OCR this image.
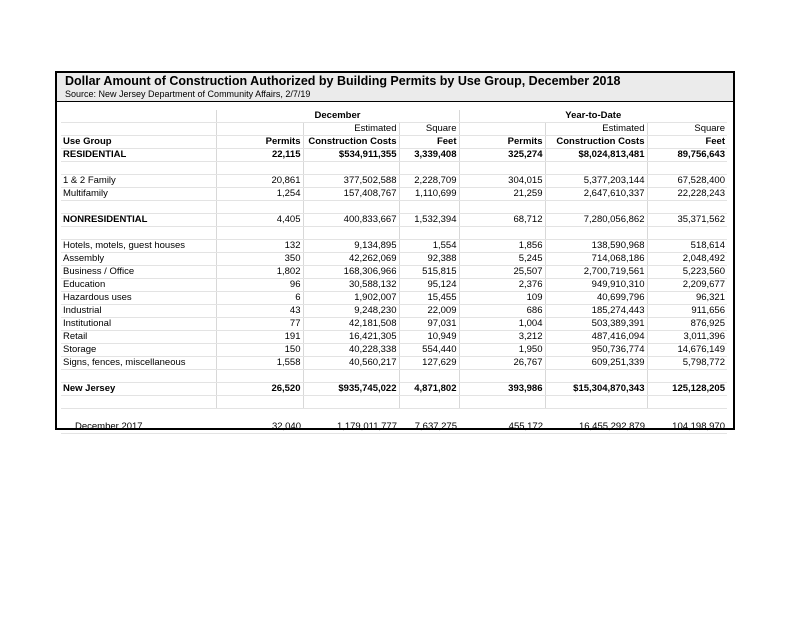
Dollar Amount of Construction Authorized by Building Permits by Use Group, December 2018
Source: New Jersey Department of Community Affairs, 2/7/19
	December			Year-to-Date		
		Estimated	Square		Estimated	Square
Use Group	Permits	Construction Costs	Feet	Permits	Construction Costs	Feet
RESIDENTIAL	22,115	$534,911,355	3,339,408	325,274	$8,024,813,481	89,756,643

1 & 2 Family	20,861	377,502,588	2,228,709	304,015	5,377,203,144	67,528,400
Multifamily	1,254	157,408,767	1,110,699	21,259	2,647,610,337	22,228,243

NONRESIDENTIAL	4,405	400,833,667	1,532,394	68,712	7,280,056,862	35,371,562

Hotels, motels, guest houses	132	9,134,895	1,554	1,856	138,590,968	518,614
Assembly	350	42,262,069	92,388	5,245	714,068,186	2,048,492
Business / Office	1,802	168,306,966	515,815	25,507	2,700,719,561	5,223,560
Education	96	30,588,132	95,124	2,376	949,910,310	2,209,677
Hazardous uses	6	1,902,007	15,455	109	40,699,796	96,321
Industrial	43	9,248,230	22,009	686	185,274,443	911,656
Institutional	77	42,181,508	97,031	1,004	503,389,391	876,925
Retail	191	16,421,305	10,949	3,212	487,416,094	3,011,396
Storage	150	40,228,338	554,440	1,950	950,736,774	14,676,149
Signs, fences, miscellaneous	1,558	40,560,217	127,629	26,767	609,251,339	5,798,772

New Jersey	26,520	$935,745,022	4,871,802	393,986	$15,304,870,343	125,128,205

December 2017	32,040	1,179,011,777	7,637,275	455,172	16,455,292,879	104,198,970
